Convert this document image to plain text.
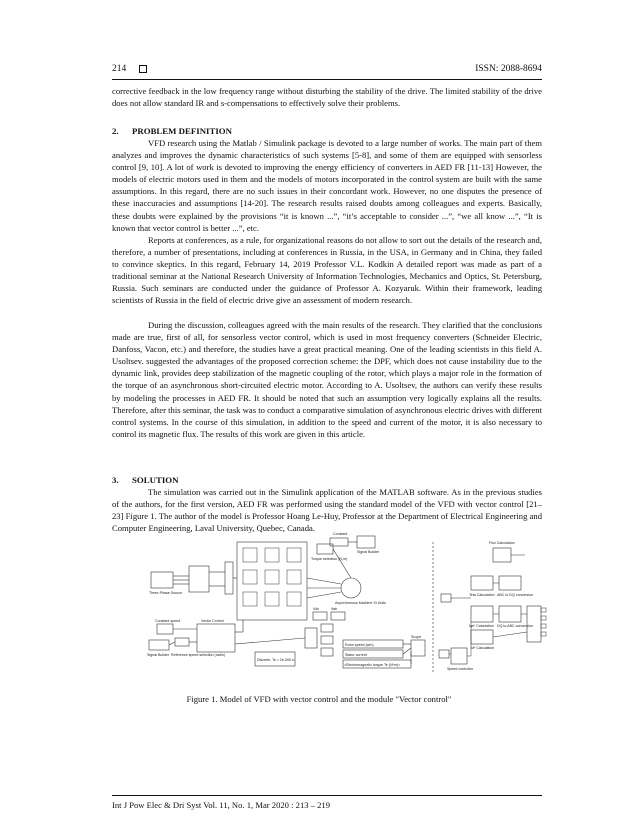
214	ISSN: 2088-8694

corrective feedback in the low frequency range without disturbing the stability of the drive. The limited stability of the drive does not allow standard IR and s-compensations to effectively solve their problems.

2. PROBLEM DEFINITION

VFD research using the Matlab / Simulink package is devoted to a large number of works. The main part of them analyzes and improves the dynamic characteristics of such systems [5-8], and some of them are equipped with sensorless control [9, 10]. A lot of work is devoted to improving the energy efficiency of converters in AED FR [11-13] However, the models of electric motors used in them and the models of motors incorporated in the control system are built with the same assumptions. In this regard, there are no such issues in their concordant work. However, no one disputes the presence of these inaccuracies and assumptions [14-20]. The research results raised doubts among colleagues and experts. Basically, these doubts were explained by the provisions “it is known ...”, “it’s acceptable to consider ...”, “we all know ...”, “It is known that vector control is better ...”, etc.

Reports at conferences, as a rule, for organizational reasons do not allow to sort out the details of the research and, therefore, a number of presentations, including at conferences in Russia, in the USA, in Germany and in China, they failed to convince skeptics. In this regard, February 14, 2019 Professor V.L. Kodkin A detailed report was made as part of a traditional seminar at the National Research University of Information Technologies, Mechanics and Optics, St. Petersburg, Russia. Such seminars are conducted under the guidance of Professor A. Kozyaruk. Within their framework, leading scientists of Russia in the field of electric drive give an assessment of modern research.

During the discussion, colleagues agreed with the main results of the research. They clarified that the conclusions made are true, first of all, for sensorless vector control, which is used in most frequency converters (Schneider Electric, Danfoss, Vacon, etc.) and therefore, the studies have a great practical meaning. One of the leading scientists in this field A. Usoltsev. suggested the advantages of the proposed correction scheme: the DPF, which does not cause instability due to the dynamic link, provides deep stabilization of the magnetic coupling of the rotor, which plays a major role in the formation of the torque of an asynchronous short-circuited electric motor. According to A. Usoltsev, the authors can verify these results by modeling the processes in AED FR. It should be noted that such an assumption very logically explains all the results. Therefore, after this seminar, the task was to conduct a comparative simulation of asynchronous electric drives with different control systems. In the course of this simulation, in addition to the speed and current of the motor, it is also necessary to control its magnetic flux. The results of this work are given in this article.

3. SOLUTION

The simulation was carried out in the Simulink application of the MATLAB software. As in the previous studies of the authors, for the first version, AED FR was performed using the standard model of the VFD with vector control [21–23] Figure 1. The author of the model is Professor Hoang Le-Huy, Professor at the Department of Electrical Engineering and Computer Engineering, Laval University, Quebec, Canada.

Constant
Signal Builder
Three-Phase Source
Torque selection (N.m)
Asynchronous Machine SI Units
Constant speed	Vector Control
Reference speed selection (rad/s)
Signal Builder
Discrete, Ts = 2e-005 s.
Scope
Vdc	Vab
Rotor speed (wm)
Stator current
<Electromagnetic torque Te (N*m)>
Flux Calculation
Teta Calculation ABC to DQ conversion
Iqs* Calculation DQ to ABC conversion
Id* Calculation
Speed controller
Figure 1. Model of VFD with vector control and the module "Vector control"
Int J Pow Elec & Dri Syst Vol. 11, No. 1, Mar 2020 : 213 – 219
